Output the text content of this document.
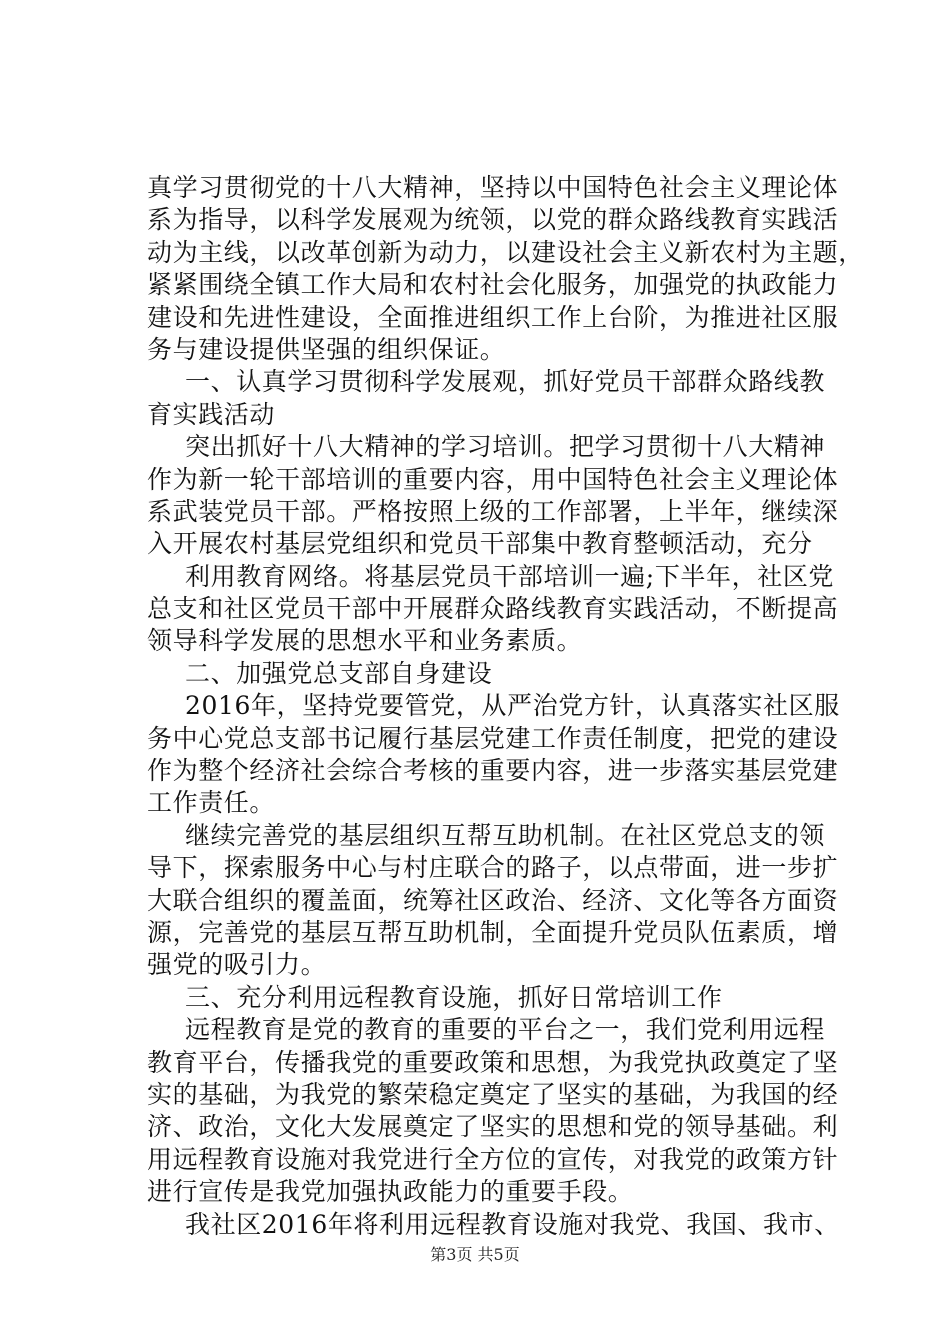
真学习贯彻党的十八大精神，坚持以中国特色社会主义理论体
系为指导，以科学发展观为统领，以党的群众路线教育实践活
动为主线，以改革创新为动力，以建设社会主义新农村为主题，
紧紧围绕全镇工作大局和农村社会化服务，加强党的执政能力
建设和先进性建设，全面推进组织工作上台阶，为推进社区服
务与建设提供坚强的组织保证。
一、认真学习贯彻科学发展观，抓好党员干部群众路线教
育实践活动
突出抓好十八大精神的学习培训。把学习贯彻十八大精神
作为新一轮干部培训的重要内容，用中国特色社会主义理论体
系武装党员干部。严格按照上级的工作部署，上半年，继续深
入开展农村基层党组织和党员干部集中教育整顿活动，充分
利用教育网络。将基层党员干部培训一遍;下半年，社区党
总支和社区党员干部中开展群众路线教育实践活动，不断提高
领导科学发展的思想水平和业务素质。
二、加强党总支部自身建设
2016年，坚持党要管党，从严治党方针，认真落实社区服
务中心党总支部书记履行基层党建工作责任制度，把党的建设
作为整个经济社会综合考核的重要内容，进一步落实基层党建
工作责任。
继续完善党的基层组织互帮互助机制。在社区党总支的领
导下，探索服务中心与村庄联合的路子，以点带面，进一步扩
大联合组织的覆盖面，统筹社区政治、经济、文化等各方面资
源，完善党的基层互帮互助机制，全面提升党员队伍素质，增
强党的吸引力。
三、充分利用远程教育设施，抓好日常培训工作
远程教育是党的教育的重要的平台之一，我们党利用远程
教育平台，传播我党的重要政策和思想，为我党执政奠定了坚
实的基础，为我党的繁荣稳定奠定了坚实的基础，为我国的经
济、政治，文化大发展奠定了坚实的思想和党的领导基础。利
用远程教育设施对我党进行全方位的宣传，对我党的政策方针
进行宣传是我党加强执政能力的重要手段。
我社区2016年将利用远程教育设施对我党、我国、我市、
第3页 共5页
